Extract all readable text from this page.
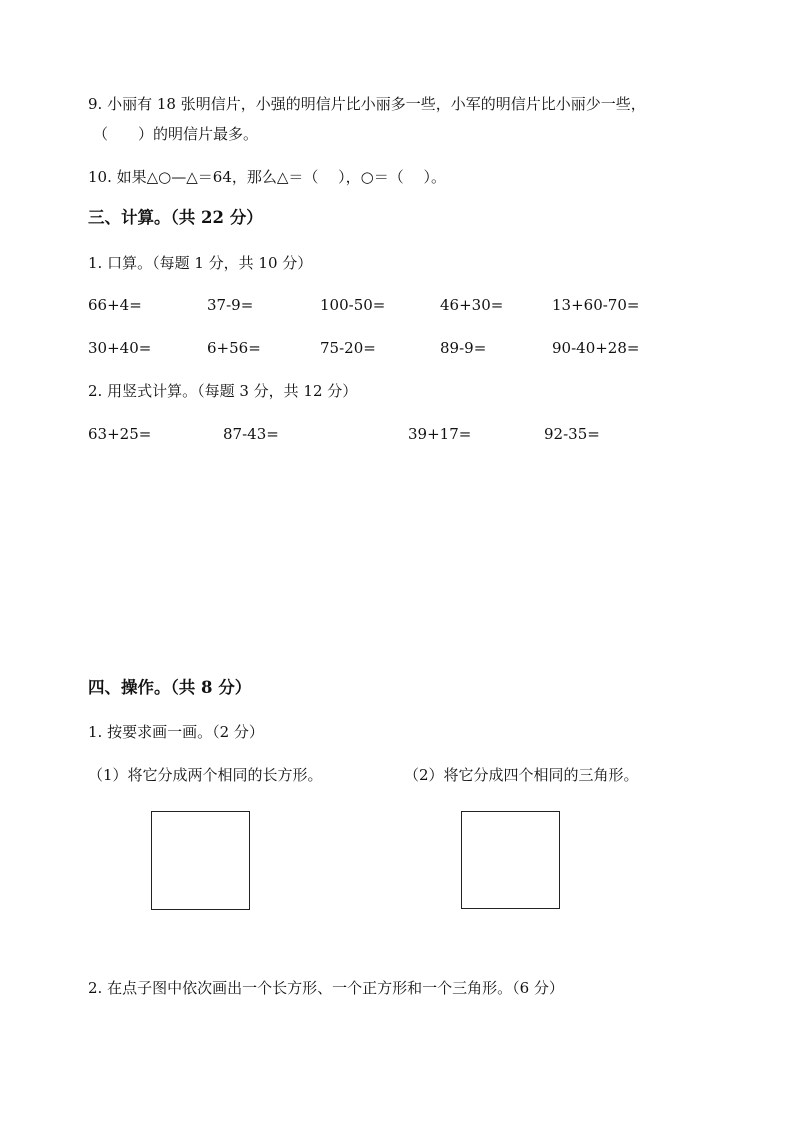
9. 小丽有 18 张明信片，小强的明信片比小丽多一些，小军的明信片比小丽少一些，
（　　）的明信片最多。
10. 如果△○—△＝64，那么△＝（　 ），○＝（　 ）。
三、计算。（共 22 分）
1. 口算。（每题 1 分，共 10 分）
66+4=	37-9=	100-50=	46+30=	13+60-70=
30+40=	6+56=	75-20=	89-9=	90-40+28=
2. 用竖式计算。（每题 3 分，共 12 分）
63+25=	87-43=	39+17=	92-35=
四、操作。（共 8 分）
1. 按要求画一画。（2 分）
（1）将它分成两个相同的长方形。	（2）将它分成四个相同的三角形。
2. 在点子图中依次画出一个长方形、一个正方形和一个三角形。（6 分）
